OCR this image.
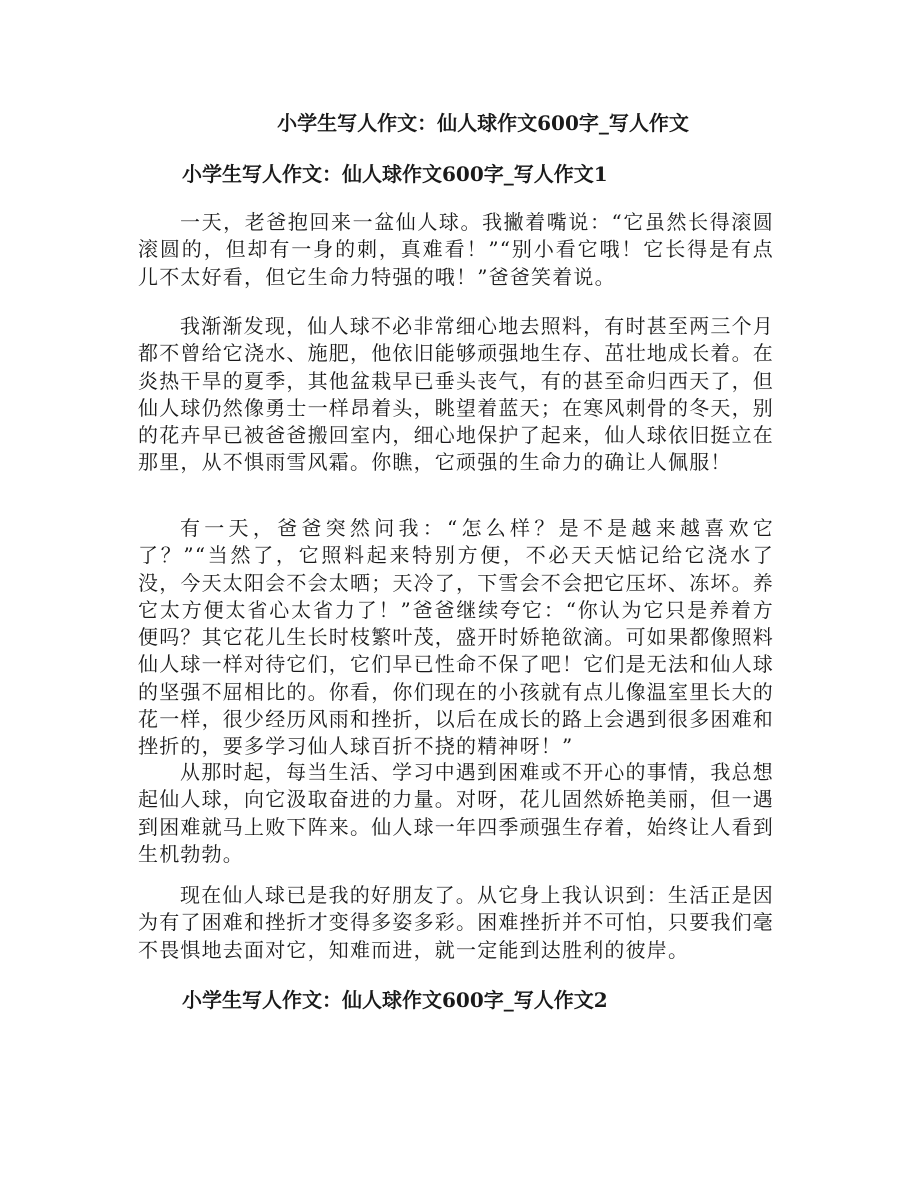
小学生写人作文：仙人球作文600字_写人作文
小学生写人作文：仙人球作文600字_写人作文1

一天，老爸抱回来一盆仙人球。我撇着嘴说：“它虽然长得滚圆滚圆的，但却有一身的刺，真难看！”“别小看它哦！它长得是有点儿不太好看，但它生命力特强的哦！”爸爸笑着说。

我渐渐发现，仙人球不必非常细心地去照料，有时甚至两三个月都不曾给它浇水、施肥，他依旧能够顽强地生存、茁壮地成长着。在炎热干旱的夏季，其他盆栽早已垂头丧气，有的甚至命归西天了，但仙人球仍然像勇士一样昂着头，眺望着蓝天；在寒风刺骨的冬天，别的花卉早已被爸爸搬回室内，细心地保护了起来，仙人球依旧挺立在那里，从不惧雨雪风霜。你瞧，它顽强的生命力的确让人佩服！

有一天，爸爸突然问我：“怎么样？是不是越来越喜欢它了？”“当然了，它照料起来特别方便，不必天天惦记给它浇水了没，今天太阳会不会太晒；天冷了，下雪会不会把它压坏、冻坏。养它太方便太省心太省力了！”爸爸继续夸它：“你认为它只是养着方便吗？其它花儿生长时枝繁叶茂，盛开时娇艳欲滴。可如果都像照料仙人球一样对待它们，它们早已性命不保了吧！它们是无法和仙人球的坚强不屈相比的。你看，你们现在的小孩就有点儿像温室里长大的花一样，很少经历风雨和挫折，以后在成长的路上会遇到很多困难和挫折的，要多学习仙人球百折不挠的精神呀！”

从那时起，每当生活、学习中遇到困难或不开心的事情，我总想起仙人球，向它汲取奋进的力量。对呀，花儿固然娇艳美丽，但一遇到困难就马上败下阵来。仙人球一年四季顽强生存着，始终让人看到生机勃勃。

现在仙人球已是我的好朋友了。从它身上我认识到：生活正是因为有了困难和挫折才变得多姿多彩。困难挫折并不可怕，只要我们毫不畏惧地去面对它，知难而进，就一定能到达胜利的彼岸。

小学生写人作文：仙人球作文600字_写人作文2
